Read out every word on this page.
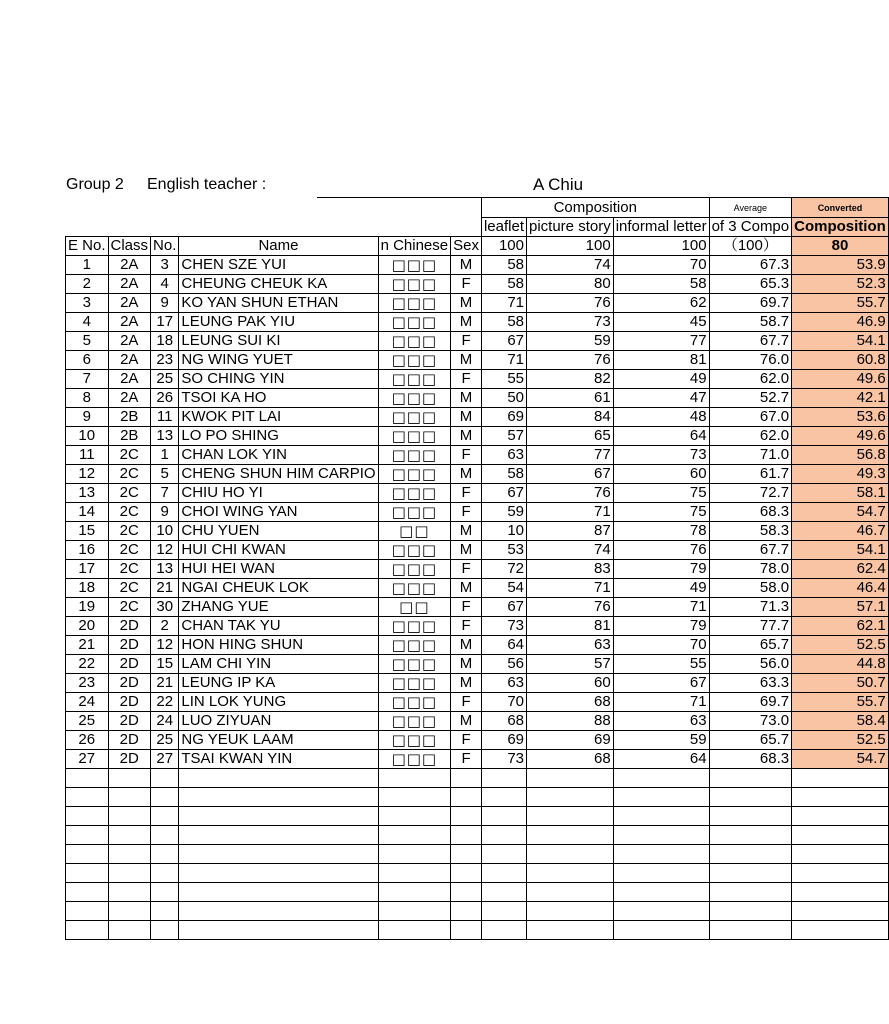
Group 2 English teacher :	A Chiu
						Composition			Average	Converted
						leaflet	picture story	informal letter	of 3 Compo	Composition
E No.	Class	No.	Name	n Chinese	Sex	100	100	100	（100）	80
1	2A	3	CHEN SZE YUI	□□□	M	58	74	70	67.3	53.9
2	2A	4	CHEUNG CHEUK KA	□□□	F	58	80	58	65.3	52.3
3	2A	9	KO YAN SHUN ETHAN	□□□	M	71	76	62	69.7	55.7
4	2A	17	LEUNG PAK YIU	□□□	M	58	73	45	58.7	46.9
5	2A	18	LEUNG SUI KI	□□□	F	67	59	77	67.7	54.1
6	2A	23	NG WING YUET	□□□	M	71	76	81	76.0	60.8
7	2A	25	SO CHING YIN	□□□	F	55	82	49	62.0	49.6
8	2A	26	TSOI KA HO	□□□	M	50	61	47	52.7	42.1
9	2B	11	KWOK PIT LAI	□□□	M	69	84	48	67.0	53.6
10	2B	13	LO PO SHING	□□□	M	57	65	64	62.0	49.6
11	2C	1	CHAN LOK YIN	□□□	F	63	77	73	71.0	56.8
12	2C	5	CHENG SHUN HIM CARPIO	□□□	M	58	67	60	61.7	49.3
13	2C	7	CHIU HO YI	□□□	F	67	76	75	72.7	58.1
14	2C	9	CHOI WING YAN	□□□	F	59	71	75	68.3	54.7
15	2C	10	CHU YUEN	□□	M	10	87	78	58.3	46.7
16	2C	12	HUI CHI KWAN	□□□	M	53	74	76	67.7	54.1
17	2C	13	HUI HEI WAN	□□□	F	72	83	79	78.0	62.4
18	2C	21	NGAI CHEUK LOK	□□□	M	54	71	49	58.0	46.4
19	2C	30	ZHANG YUE	□□	F	67	76	71	71.3	57.1
20	2D	2	CHAN TAK YU	□□□	F	73	81	79	77.7	62.1
21	2D	12	HON HING SHUN	□□□	M	64	63	70	65.7	52.5
22	2D	15	LAM CHI YIN	□□□	M	56	57	55	56.0	44.8
23	2D	21	LEUNG IP KA	□□□	M	63	60	67	63.3	50.7
24	2D	22	LIN LOK YUNG	□□□	F	70	68	71	69.7	55.7
25	2D	24	LUO ZIYUAN	□□□	M	68	88	63	73.0	58.4
26	2D	25	NG YEUK LAAM	□□□	F	69	69	59	65.7	52.5
27	2D	27	TSAI KWAN YIN	□□□	F	73	68	64	68.3	54.7
